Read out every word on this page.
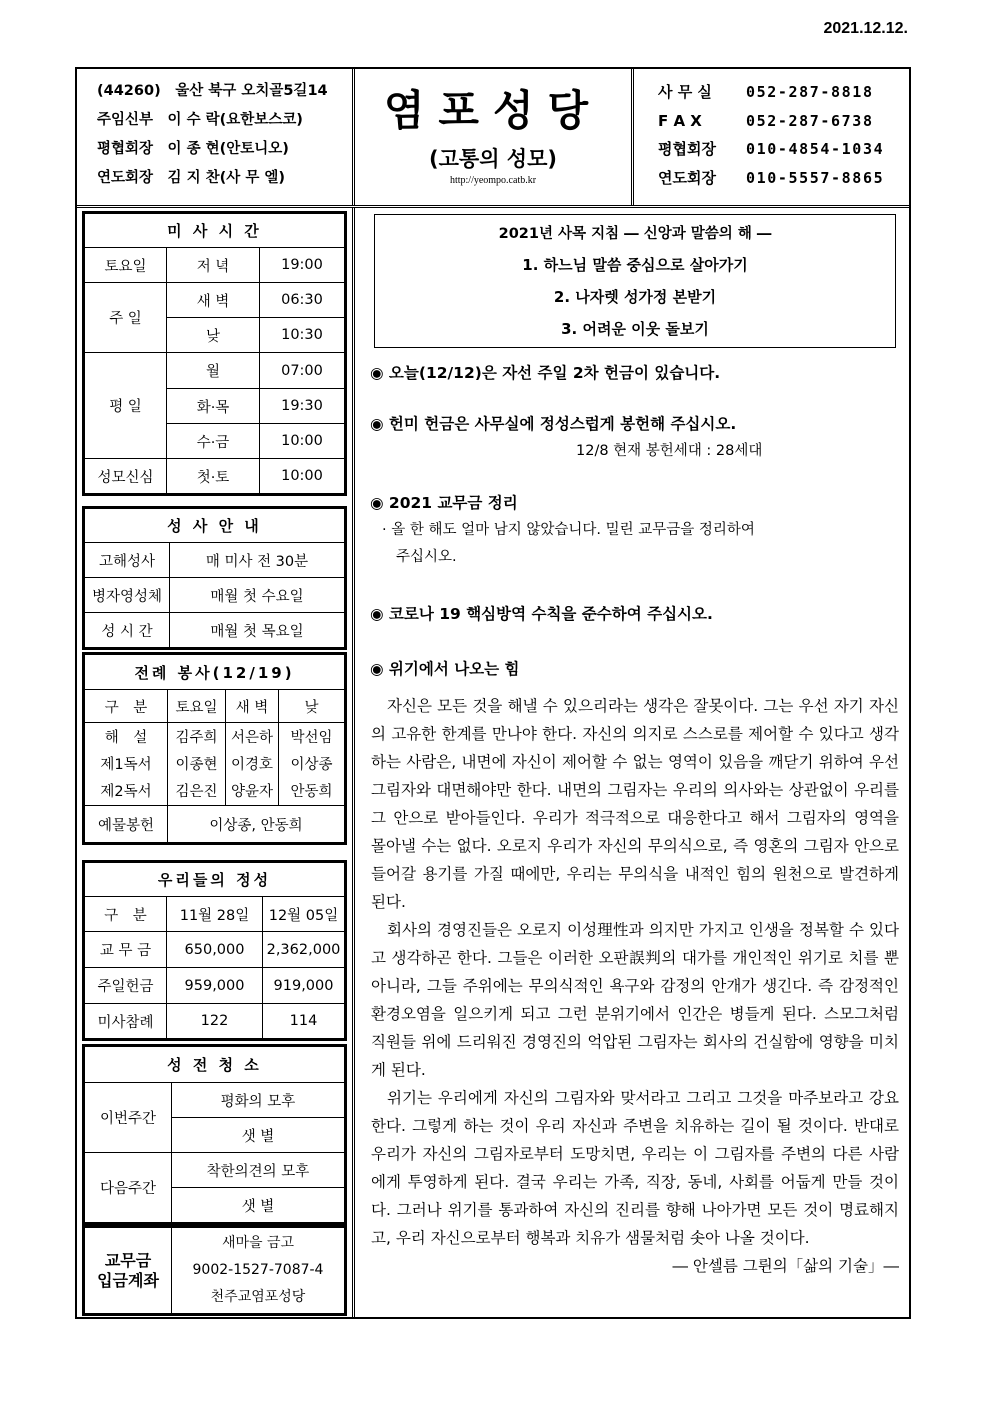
2021.12.12.
(44260)　울산 북구 오치골5길14
주임신부　이 수 락(요한보스코)
평협회장　이 종 현(안토니오)
연도회장　김 지 찬(사 무 엘)
염포성당
(고통의 성모)
http://yeompo.catb.kr
사 무 실 052-287-8818
F A X	052-287-6738
평협회장 010-4854-1034
연도회장 010-5557-8865
미 사 시 간		
토요일	저 녁	19:00
주 일	새 벽	06:30
	낮	10:30
평 일	월	07:00
	화·목	19:30
	수·금	10:00
성모신심	첫·토	10:00
성 사 안 내	
고해성사	매 미사 전 30분
병자영성체	매월 첫 수요일
성 시 간	매월 첫 목요일
전례 봉사(12/19)			
구　분	토요일	새 벽	낮
해　설	김주희	서은하	박선임
제1독서	이종현	이경호	이상종
제2독서	김은진	양윤자	안동희
예물봉헌	이상종, 안동희		
우리들의 정성		
구　분	11월 28일	12월 05일
교 무 금	650,000	2,362,000
주일헌금	959,000	919,000
미사참례	122	114
성 전 청 소	
이번주간	평화의 모후
	샛 별
다음주간	착한의견의 모후
	샛 별
교무금
입금계좌	새마을 금고
9002-1527-7087-4
천주교염포성당
2021년 사목 지침 ― 신앙과 말씀의 해 ―
1. 하느님 말씀 중심으로 살아가기
2. 나자렛 성가정 본받기
3. 어려운 이웃 돌보기
◉ 오늘(12/12)은 자선 주일 2차 헌금이 있습니다.
◉ 헌미 헌금은 사무실에 정성스럽게 봉헌해 주십시오.
12/8 현재 봉헌세대 : 28세대
◉ 2021 교무금 정리
· 올 한 해도 얼마 남지 않았습니다. 밀린 교무금을 정리하여
주십시오.
◉ 코로나 19 핵심방역 수칙을 준수하여 주십시오.
◉ 위기에서 나오는 힘

자신은 모든 것을 해낼 수 있으리라는 생각은 잘못이다. 그는 우선 자기 자신의 고유한 한계를 만나야 한다. 자신의 의지로 스스로를 제어할 수 있다고 생각하는 사람은, 내면에 자신이 제어할 수 없는 영역이 있음을 깨닫기 위하여 우선 그림자와 대면해야만 한다. 내면의 그림자는 우리의 의사와는 상관없이 우리를 그 안으로 받아들인다. 우리가 적극적으로 대응한다고 해서 그림자의 영역을 몰아낼 수는 없다. 오로지 우리가 자신의 무의식으로, 즉 영혼의 그림자 안으로 들어갈 용기를 가질 때에만, 우리는 무의식을 내적인 힘의 원천으로 발견하게 된다.

회사의 경영진들은 오로지 이성理性과 의지만 가지고 인생을 정복할 수 있다고 생각하곤 한다. 그들은 이러한 오판誤判의 대가를 개인적인 위기로 치를 뿐 아니라, 그들 주위에는 무의식적인 욕구와 감정의 안개가 생긴다. 즉 감정적인 환경오염을 일으키게 되고 그런 분위기에서 인간은 병들게 된다. 스모그처럼 직원들 위에 드리워진 경영진의 억압된 그림자는 회사의 건실함에 영향을 미치게 된다.

위기는 우리에게 자신의 그림자와 맞서라고 그리고 그것을 마주보라고 강요한다. 그렇게 하는 것이 우리 자신과 주변을 치유하는 길이 될 것이다. 반대로 우리가 자신의 그림자로부터 도망치면, 우리는 이 그림자를 주변의 다른 사람에게 투영하게 된다. 결국 우리는 가족, 직장, 동네, 사회를 어둡게 만들 것이다. 그러나 위기를 통과하여 자신의 진리를 향해 나아가면 모든 것이 명료해지고, 우리 자신으로부터 행복과 치유가 샘물처럼 솟아 나올 것이다.

― 안셀름 그륀의「삶의 기술」―
